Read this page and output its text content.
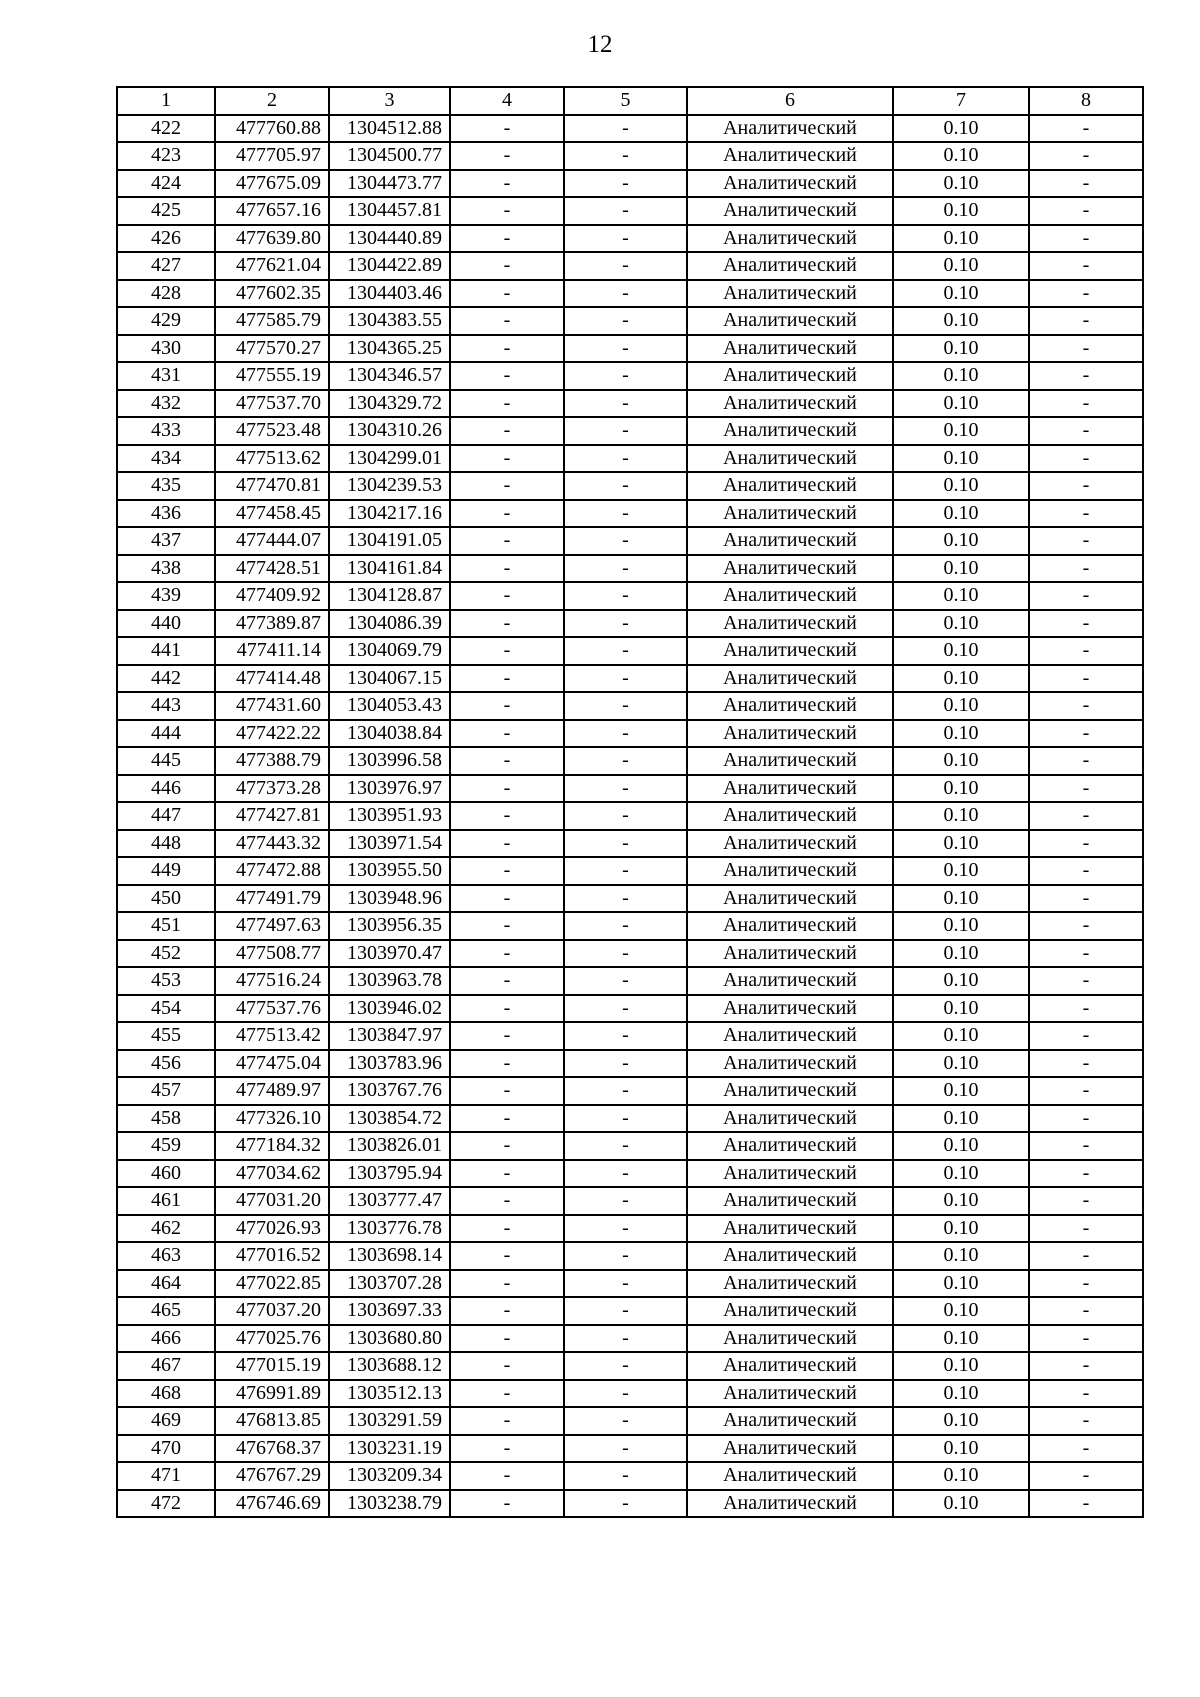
12
1	2	3	4	5	6	7	8
422	477760.88	1304512.88	-	-	Аналитический	0.10	-
423	477705.97	1304500.77	-	-	Аналитический	0.10	-
424	477675.09	1304473.77	-	-	Аналитический	0.10	-
425	477657.16	1304457.81	-	-	Аналитический	0.10	-
426	477639.80	1304440.89	-	-	Аналитический	0.10	-
427	477621.04	1304422.89	-	-	Аналитический	0.10	-
428	477602.35	1304403.46	-	-	Аналитический	0.10	-
429	477585.79	1304383.55	-	-	Аналитический	0.10	-
430	477570.27	1304365.25	-	-	Аналитический	0.10	-
431	477555.19	1304346.57	-	-	Аналитический	0.10	-
432	477537.70	1304329.72	-	-	Аналитический	0.10	-
433	477523.48	1304310.26	-	-	Аналитический	0.10	-
434	477513.62	1304299.01	-	-	Аналитический	0.10	-
435	477470.81	1304239.53	-	-	Аналитический	0.10	-
436	477458.45	1304217.16	-	-	Аналитический	0.10	-
437	477444.07	1304191.05	-	-	Аналитический	0.10	-
438	477428.51	1304161.84	-	-	Аналитический	0.10	-
439	477409.92	1304128.87	-	-	Аналитический	0.10	-
440	477389.87	1304086.39	-	-	Аналитический	0.10	-
441	477411.14	1304069.79	-	-	Аналитический	0.10	-
442	477414.48	1304067.15	-	-	Аналитический	0.10	-
443	477431.60	1304053.43	-	-	Аналитический	0.10	-
444	477422.22	1304038.84	-	-	Аналитический	0.10	-
445	477388.79	1303996.58	-	-	Аналитический	0.10	-
446	477373.28	1303976.97	-	-	Аналитический	0.10	-
447	477427.81	1303951.93	-	-	Аналитический	0.10	-
448	477443.32	1303971.54	-	-	Аналитический	0.10	-
449	477472.88	1303955.50	-	-	Аналитический	0.10	-
450	477491.79	1303948.96	-	-	Аналитический	0.10	-
451	477497.63	1303956.35	-	-	Аналитический	0.10	-
452	477508.77	1303970.47	-	-	Аналитический	0.10	-
453	477516.24	1303963.78	-	-	Аналитический	0.10	-
454	477537.76	1303946.02	-	-	Аналитический	0.10	-
455	477513.42	1303847.97	-	-	Аналитический	0.10	-
456	477475.04	1303783.96	-	-	Аналитический	0.10	-
457	477489.97	1303767.76	-	-	Аналитический	0.10	-
458	477326.10	1303854.72	-	-	Аналитический	0.10	-
459	477184.32	1303826.01	-	-	Аналитический	0.10	-
460	477034.62	1303795.94	-	-	Аналитический	0.10	-
461	477031.20	1303777.47	-	-	Аналитический	0.10	-
462	477026.93	1303776.78	-	-	Аналитический	0.10	-
463	477016.52	1303698.14	-	-	Аналитический	0.10	-
464	477022.85	1303707.28	-	-	Аналитический	0.10	-
465	477037.20	1303697.33	-	-	Аналитический	0.10	-
466	477025.76	1303680.80	-	-	Аналитический	0.10	-
467	477015.19	1303688.12	-	-	Аналитический	0.10	-
468	476991.89	1303512.13	-	-	Аналитический	0.10	-
469	476813.85	1303291.59	-	-	Аналитический	0.10	-
470	476768.37	1303231.19	-	-	Аналитический	0.10	-
471	476767.29	1303209.34	-	-	Аналитический	0.10	-
472	476746.69	1303238.79	-	-	Аналитический	0.10	-
